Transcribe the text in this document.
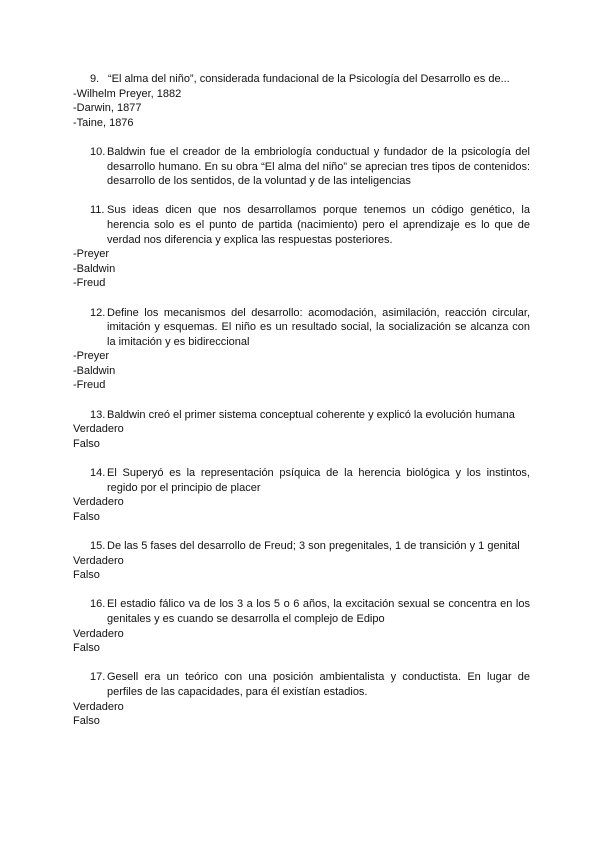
9. “El alma del niño”, considerada fundacional de la Psicología del Desarrollo es de...
-Wilhelm Preyer, 1882
-Darwin, 1877
-Taine, 1876
10. Baldwin fue el creador de la embriología conductual y fundador de la psicología del desarrollo humano. En su obra “El alma del niño” se aprecian tres tipos de contenidos: desarrollo de los sentidos, de la voluntad y de las inteligencias
11. Sus ideas dicen que nos desarrollamos porque tenemos un código genético, la herencia solo es el punto de partida (nacimiento) pero el aprendizaje es lo que de verdad nos diferencia y explica las respuestas posteriores.
-Preyer
-Baldwin
-Freud
12. Define los mecanismos del desarrollo: acomodación, asimilación, reacción circular, imitación y esquemas. El niño es un resultado social, la socialización se alcanza con la imitación y es bidireccional
-Preyer
-Baldwin
-Freud
13. Baldwin creó el primer sistema conceptual coherente y explicó la evolución humana
Verdadero
Falso
14. El Superyó es la representación psíquica de la herencia biológica y los instintos, regido por el principio de placer
Verdadero
Falso
15. De las 5 fases del desarrollo de Freud; 3 son pregenitales, 1 de transición y 1 genital
Verdadero
Falso
16. El estadio fálico va de los 3 a los 5 o 6 años, la excitación sexual se concentra en los genitales y es cuando se desarrolla el complejo de Edipo
Verdadero
Falso
17. Gesell era un teórico con una posición ambientalista y conductista. En lugar de perfiles de las capacidades, para él existían estadios.
Verdadero
Falso
